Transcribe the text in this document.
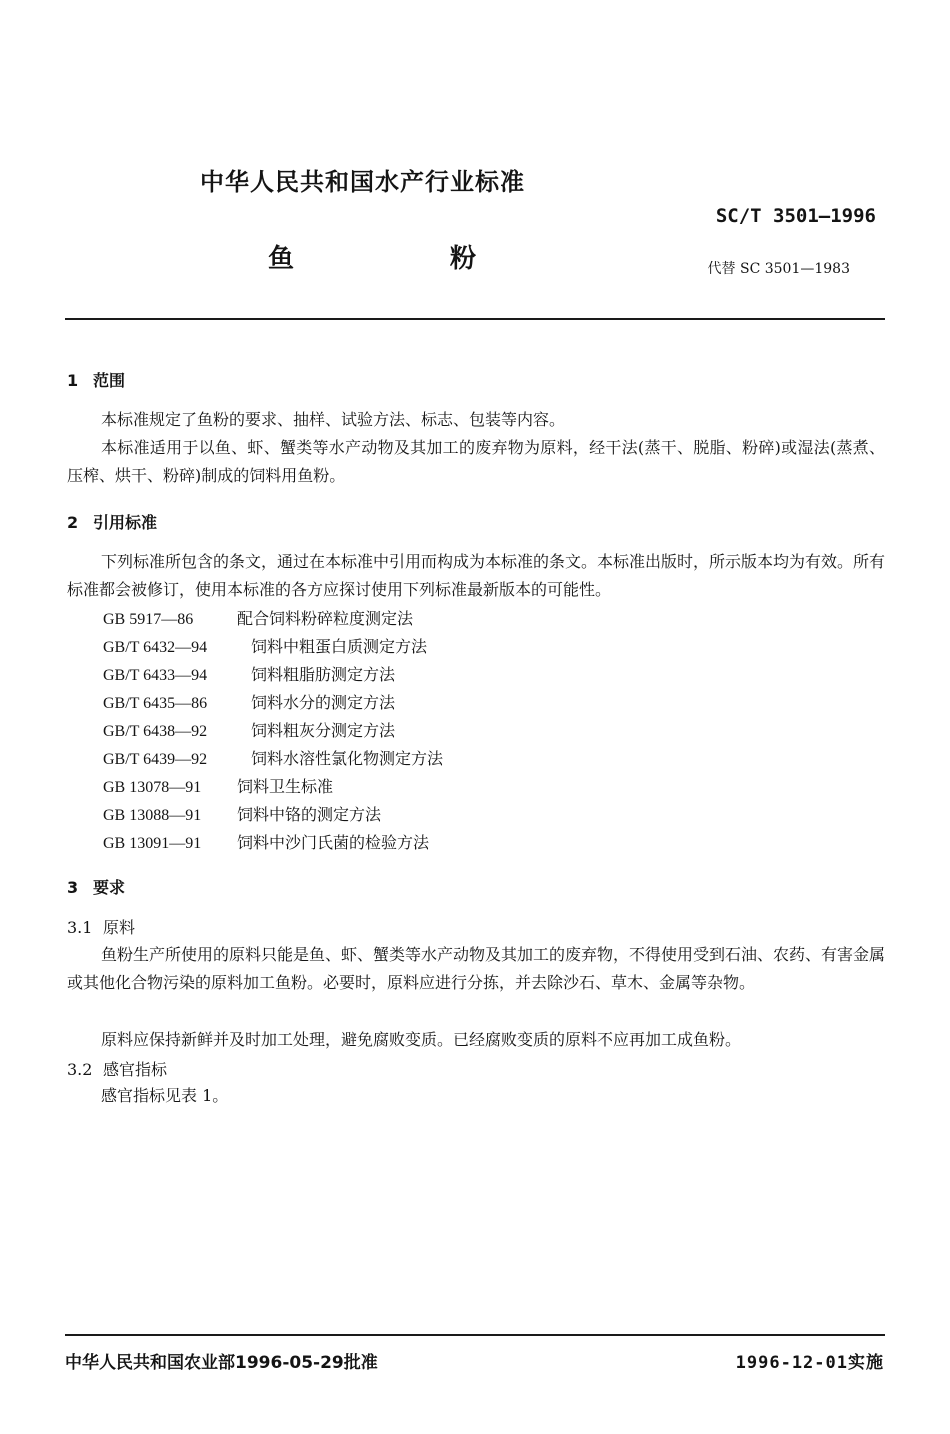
中华人民共和国水产行业标准
SC/T 3501—1996
鱼	粉	代替 SC 3501—1983
1 范围

本标准规定了鱼粉的要求、抽样、试验方法、标志、包装等内容。

本标准适用于以鱼、虾、蟹类等水产动物及其加工的废弃物为原料，经干法(蒸干、脱脂、粉碎)或湿法(蒸煮、压榨、烘干、粉碎)制成的饲料用鱼粉。

2 引用标准

下列标准所包含的条文，通过在本标准中引用而构成为本标准的条文。本标准出版时，所示版本均为有效。所有标准都会被修订，使用本标准的各方应探讨使用下列标准最新版本的可能性。

GB 5917—86	配合饲料粉碎粒度测定法
GB/T 6432—94	饲料中粗蛋白质测定方法
GB/T 6433—94	饲料粗脂肪测定方法
GB/T 6435—86	饲料水分的测定方法
GB/T 6438—92	饲料粗灰分测定方法
GB/T 6439—92	饲料水溶性氯化物测定方法
GB 13078—91 饲料卫生标准
GB 13088—91 饲料中铬的测定方法
GB 13091—91 饲料中沙门氏菌的检验方法
3 要求
3.1 原料

鱼粉生产所使用的原料只能是鱼、虾、蟹类等水产动物及其加工的废弃物，不得使用受到石油、农药、有害金属或其他化合物污染的原料加工鱼粉。必要时，原料应进行分拣，并去除沙石、草木、金属等杂物。

原料应保持新鲜并及时加工处理，避免腐败变质。已经腐败变质的原料不应再加工成鱼粉。

3.2 感官指标

感官指标见表 1。

中华人民共和国农业部1996-05-29批准	1996-12-01实施
